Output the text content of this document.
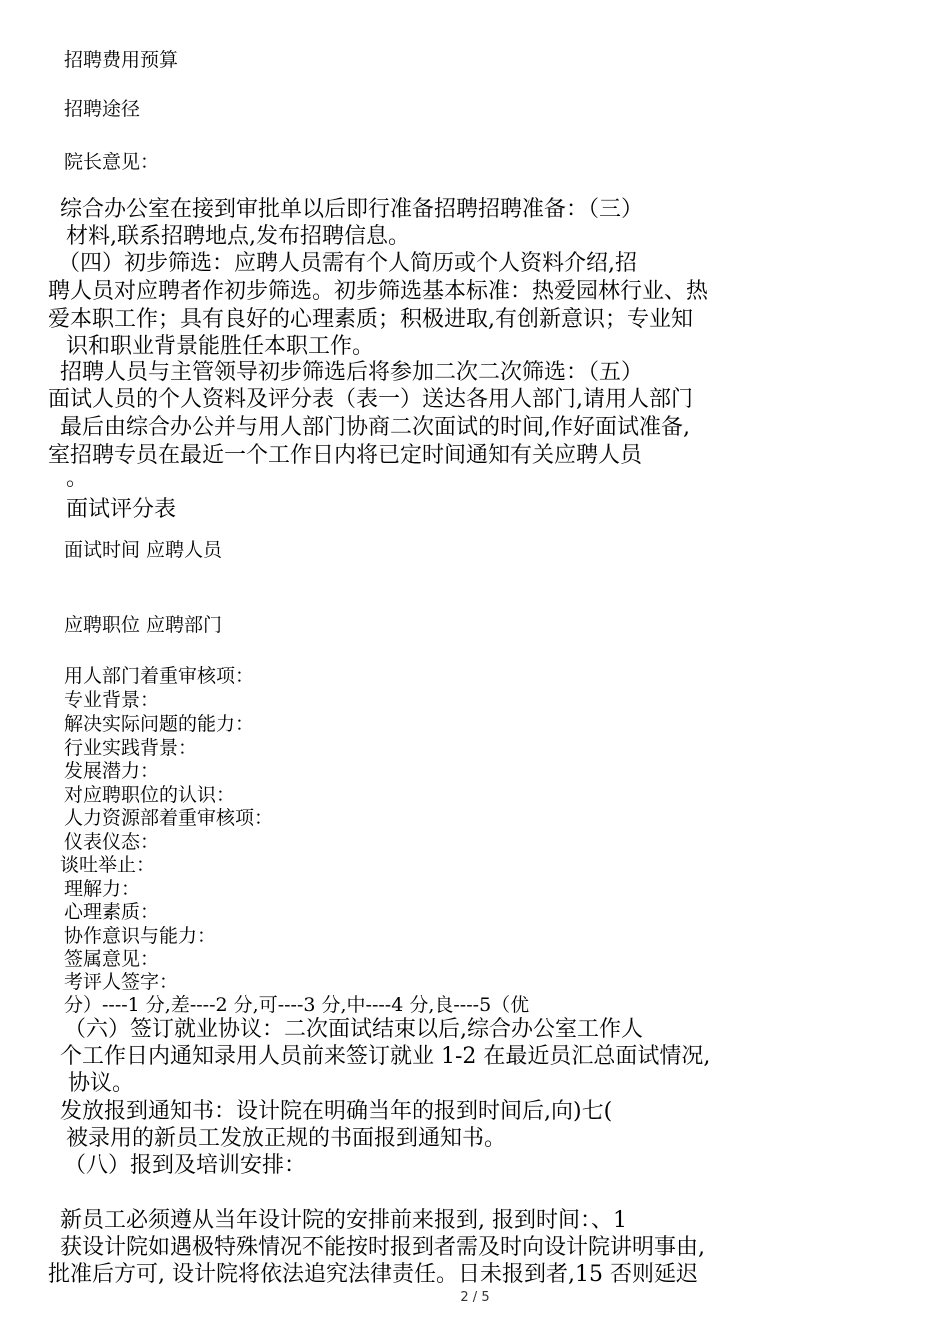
招聘费用预算
招聘途径
院长意见：
综合办公室在接到审批单以后即行准备招聘招聘准备：（三）
材料,联系招聘地点,发布招聘信息。
（四）初步筛选：应聘人员需有个人简历或个人资料介绍,招
聘人员对应聘者作初步筛选。初步筛选基本标准：热爱园林行业、热
爱本职工作；具有良好的心理素质；积极进取,有创新意识；专业知
识和职业背景能胜任本职工作。
招聘人员与主管领导初步筛选后将参加二次二次筛选：（五）
面试人员的个人资料及评分表（表一）送达各用人部门,请用人部门
最后由综合办公并与用人部门协商二次面试的时间,作好面试准备,
室招聘专员在最近一个工作日内将已定时间通知有关应聘人员
。
面试评分表
面试时间 应聘人员
应聘职位 应聘部门
用人部门着重审核项：
专业背景：
解决实际问题的能力：
行业实践背景：
发展潜力：
对应聘职位的认识：
人力资源部着重审核项：
仪表仪态：
谈吐举止：
理解力：
心理素质：
协作意识与能力：
签属意见：
考评人签字：
分）----1 分,差----2 分,可----3 分,中----4 分,良----5（优
（六）签订就业协议：二次面试结束以后,综合办公室工作人
个工作日内通知录用人员前来签订就业 1-2 在最近员汇总面试情况,
协议。
发放报到通知书：设计院在明确当年的报到时间后,向)七(
被录用的新员工发放正规的书面报到通知书。
（八）报到及培训安排：
新员工必须遵从当年设计院的安排前来报到, 报到时间：、1
获设计院如遇极特殊情况不能按时报到者需及时向设计院讲明事由,
批准后方可, 设计院将依法追究法律责任。日未报到者,15 否则延迟
2 / 5
